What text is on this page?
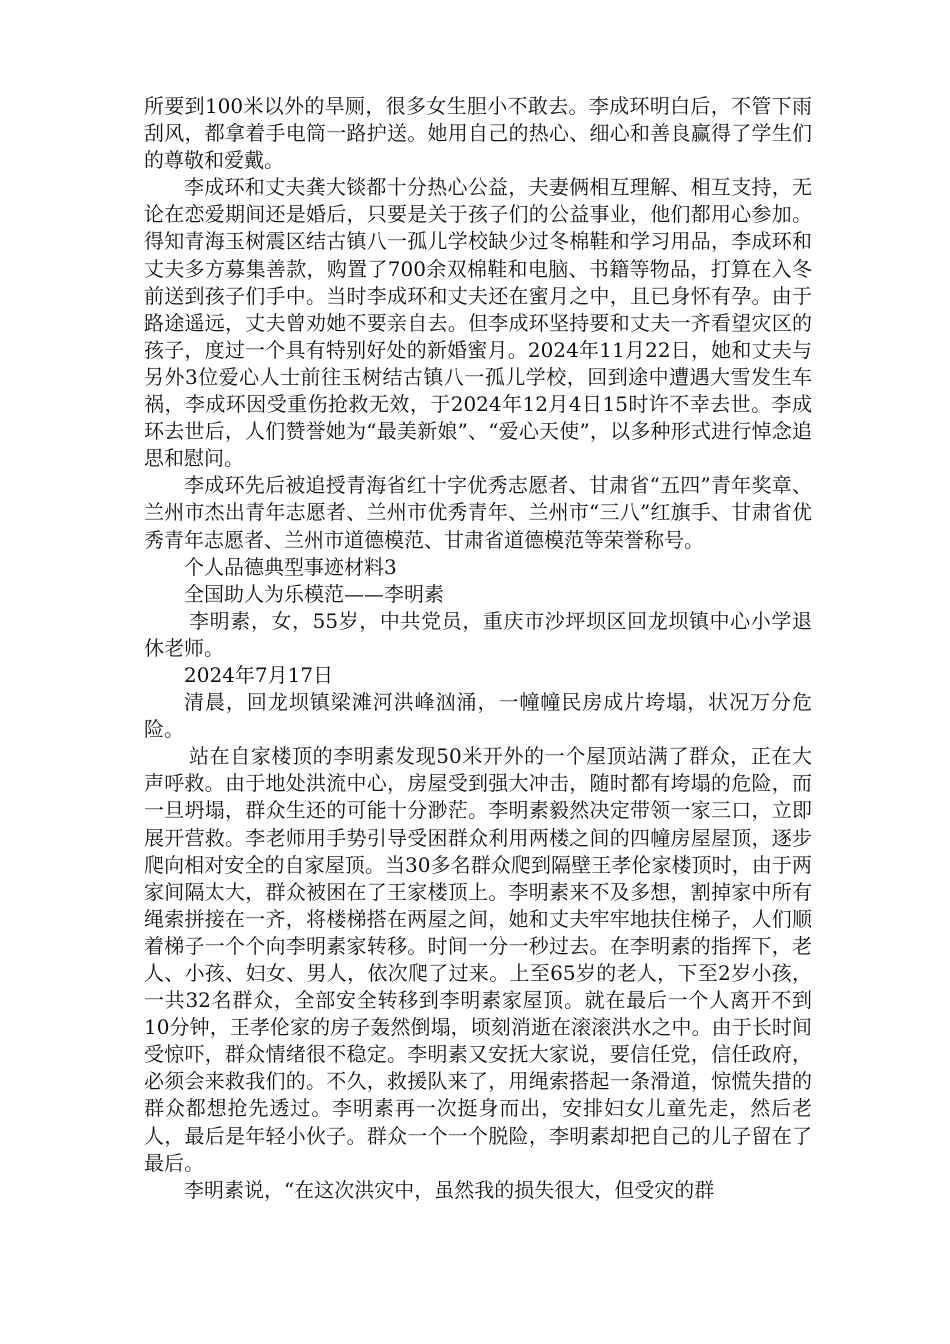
所要到100米以外的旱厕，很多女生胆小不敢去。李成环明白后，不管下雨刮风，都拿着手电筒一路护送。她用自己的热心、细心和善良赢得了学生们的尊敬和爱戴。

李成环和丈夫龚大锬都十分热心公益，夫妻俩相互理解、相互支持，无论在恋爱期间还是婚后，只要是关于孩子们的公益事业，他们都用心参加。得知青海玉树震区结古镇八一孤儿学校缺少过冬棉鞋和学习用品，李成环和丈夫多方募集善款，购置了700余双棉鞋和电脑、书籍等物品，打算在入冬前送到孩子们手中。当时李成环和丈夫还在蜜月之中，且已身怀有孕。由于路途遥远，丈夫曾劝她不要亲自去。但李成环坚持要和丈夫一齐看望灾区的孩子，度过一个具有特别好处的新婚蜜月。2024年11月22日，她和丈夫与另外3位爱心人士前往玉树结古镇八一孤儿学校，回到途中遭遇大雪发生车祸，李成环因受重伤抢救无效，于2024年12月4日15时许不幸去世。李成环去世后，人们赞誉她为“最美新娘”、“爱心天使”，以多种形式进行悼念追思和慰问。

李成环先后被追授青海省红十字优秀志愿者、甘肃省“五四”青年奖章、兰州市杰出青年志愿者、兰州市优秀青年、兰州市“三八”红旗手、甘肃省优秀青年志愿者、兰州市道德模范、甘肃省道德模范等荣誉称号。

个人品德典型事迹材料3

全国助人为乐模范——李明素

李明素，女，55岁，中共党员，重庆市沙坪坝区回龙坝镇中心小学退休老师。

2024年7月17日

清晨，回龙坝镇梁滩河洪峰汹涌，一幢幢民房成片垮塌，状况万分危险。

站在自家楼顶的李明素发现50米开外的一个屋顶站满了群众，正在大声呼救。由于地处洪流中心，房屋受到强大冲击，随时都有垮塌的危险，而一旦坍塌，群众生还的可能十分渺茫。李明素毅然决定带领一家三口，立即展开营救。李老师用手势引导受困群众利用两楼之间的四幢房屋屋顶，逐步爬向相对安全的自家屋顶。当30多名群众爬到隔壁王孝伦家楼顶时，由于两家间隔太大，群众被困在了王家楼顶上。李明素来不及多想，割掉家中所有绳索拼接在一齐，将楼梯搭在两屋之间，她和丈夫牢牢地扶住梯子，人们顺着梯子一个个向李明素家转移。时间一分一秒过去。在李明素的指挥下，老人、小孩、妇女、男人，依次爬了过来。上至65岁的老人，下至2岁小孩，一共32名群众，全部安全转移到李明素家屋顶。就在最后一个人离开不到10分钟，王孝伦家的房子轰然倒塌，顷刻消逝在滚滚洪水之中。由于长时间受惊吓，群众情绪很不稳定。李明素又安抚大家说，要信任党，信任政府，必须会来救我们的。不久，救援队来了，用绳索搭起一条滑道，惊慌失措的群众都想抢先透过。李明素再一次挺身而出，安排妇女儿童先走，然后老人，最后是年轻小伙子。群众一个一个脱险，李明素却把自己的儿子留在了最后。

李明素说，“在这次洪灾中，虽然我的损失很大，但受灾的群
